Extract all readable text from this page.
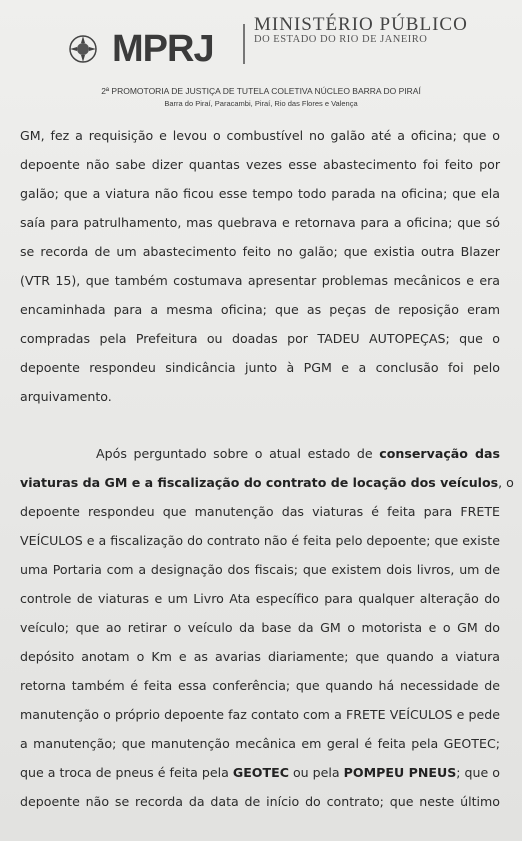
MPRJ
MINISTÉRIO PÚBLICO
DO ESTADO DO RIO DE JANEIRO
2ª PROMOTORIA DE JUSTIÇA DE TUTELA COLETIVA NÚCLEO BARRA DO PIRAÍ
Barra do Piraí, Paracambi, Piraí, Rio das Flores e Valença
GM, fez a requisição e levou o combustível no galão até a oficina; que o
depoente não sabe dizer quantas vezes esse abastecimento foi feito por
galão; que a viatura não ficou esse tempo todo parada na oficina; que ela
saía para patrulhamento, mas quebrava e retornava para a oficina; que só
se recorda de um abastecimento feito no galão; que existia outra Blazer
(VTR 15), que também costumava apresentar problemas mecânicos e era
encaminhada para a mesma oficina; que as peças de reposição eram
compradas pela Prefeitura ou doadas por TADEU AUTOPEÇAS; que o
depoente respondeu sindicância junto à PGM e a conclusão foi pelo
arquivamento.
Após perguntado sobre o atual estado de conservação das
viaturas da GM e a fiscalização do contrato de locação dos veículos, o
depoente respondeu que manutenção das viaturas é feita para FRETE
VEÍCULOS e a fiscalização do contrato não é feita pelo depoente; que existe
uma Portaria com a designação dos fiscais; que existem dois livros, um de
controle de viaturas e um Livro Ata específico para qualquer alteração do
veículo; que ao retirar o veículo da base da GM o motorista e o GM do
depósito anotam o Km e as avarias diariamente; que quando a viatura
retorna também é feita essa conferência; que quando há necessidade de
manutenção o próprio depoente faz contato com a FRETE VEÍCULOS e pede
a manutenção; que manutenção mecânica em geral é feita pela GEOTEC;
que a troca de pneus é feita pela GEOTEC ou pela POMPEU PNEUS; que o
depoente não se recorda da data de início do contrato; que neste último
